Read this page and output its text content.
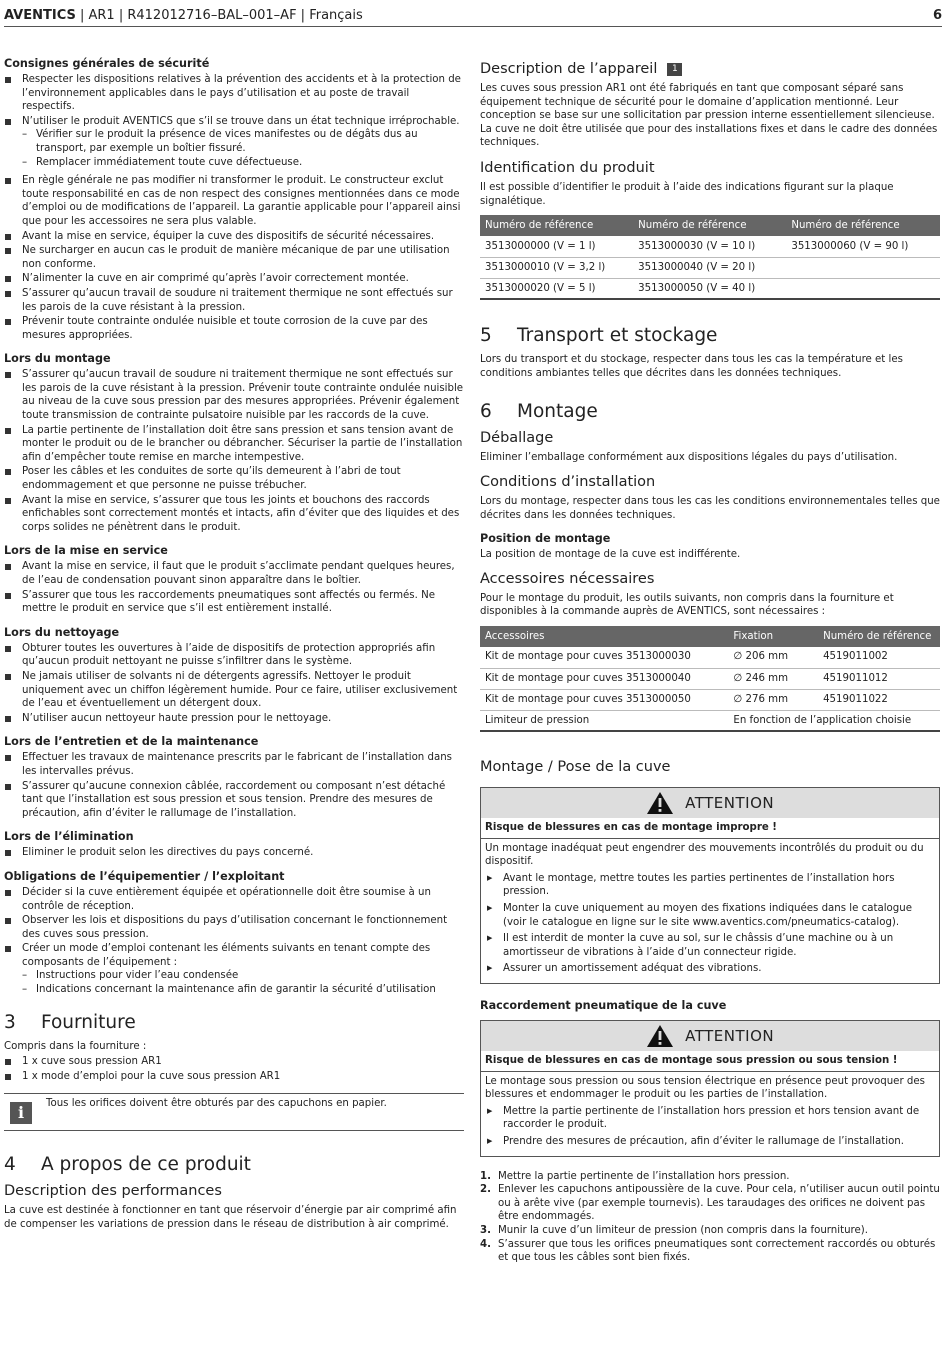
AVENTICS | AR1 | R412012716–BAL–001–AF | Français	6
Consignes générales de sécurité
Respecter les dispositions relatives à la prévention des accidents et à la protection de l’environnement applicables dans le pays d’utilisation et au poste de travail respectifs.
N’utiliser le produit AVENTICS que s’il se trouve dans un état technique irréprochable.
– Vérifier sur le produit la présence de vices manifestes ou de dégâts dus au transport, par exemple un boîtier fissuré.
– Remplacer immédiatement toute cuve défectueuse.
En règle générale ne pas modifier ni transformer le produit. Le constructeur exclut toute responsabilité en cas de non respect des consignes mentionnées dans ce mode d’emploi ou de modifications de l’appareil. La garantie applicable pour l’appareil ainsi que pour les accessoires ne sera plus valable.
Avant la mise en service, équiper la cuve des dispositifs de sécurité nécessaires.
Ne surcharger en aucun cas le produit de manière mécanique de par une utilisation non conforme.
N’alimenter la cuve en air comprimé qu’après l’avoir correctement montée.
S’assurer qu’aucun travail de soudure ni traitement thermique ne sont effectués sur les parois de la cuve résistant à la pression.
Prévenir toute contrainte ondulée nuisible et toute corrosion de la cuve par des mesures appropriées.
Lors du montage
S’assurer qu’aucun travail de soudure ni traitement thermique ne sont effectués sur les parois de la cuve résistant à la pression. Prévenir toute contrainte ondulée nuisible au niveau de la cuve sous pression par des mesures appropriées. Prévenir également toute transmission de contrainte pulsatoire nuisible par les raccords de la cuve.
La partie pertinente de l’installation doit être sans pression et sans tension avant de monter le produit ou de le brancher ou débrancher. Sécuriser la partie de l’installation afin d’empêcher toute remise en marche intempestive.
Poser les câbles et les conduites de sorte qu’ils demeurent à l’abri de tout endommagement et que personne ne puisse trébucher.
Avant la mise en service, s’assurer que tous les joints et bouchons des raccords enfichables sont correctement montés et intacts, afin d’éviter que des liquides et des corps solides ne pénètrent dans le produit.
Lors de la mise en service
Avant la mise en service, il faut que le produit s’acclimate pendant quelques heures, de l’eau de condensation pouvant sinon apparaître dans le boîtier.
S’assurer que tous les raccordements pneumatiques sont affectés ou fermés. Ne mettre le produit en service que s’il est entièrement installé.
Lors du nettoyage
Obturer toutes les ouvertures à l’aide de dispositifs de protection appropriés afin qu’aucun produit nettoyant ne puisse s’infiltrer dans le système.
Ne jamais utiliser de solvants ni de détergents agressifs. Nettoyer le produit uniquement avec un chiffon légèrement humide. Pour ce faire, utiliser exclusivement de l’eau et éventuellement un détergent doux.
N’utiliser aucun nettoyeur haute pression pour le nettoyage.
Lors de l’entretien et de la maintenance
Effectuer les travaux de maintenance prescrits par le fabricant de l’installation dans les intervalles prévus.
S’assurer qu’aucune connexion câblée, raccordement ou composant n’est détaché tant que l’installation est sous pression et sous tension. Prendre des mesures de précaution, afin d’éviter le rallumage de l’installation.
Lors de l’élimination
Eliminer le produit selon les directives du pays concerné.
Obligations de l’équipementier / l’exploitant
Décider si la cuve entièrement équipée et opérationnelle doit être soumise à un contrôle de réception.
Observer les lois et dispositions du pays d’utilisation concernant le fonctionnement des cuves sous pression.
Créer un mode d’emploi contenant les éléments suivants en tenant compte des composants de l’équipement :
– Instructions pour vider l’eau condensée
– Indications concernant la maintenance afin de garantir la sécurité d’utilisation
3 Fourniture

Compris dans la fourniture :

1 x cuve sous pression AR1
1 x mode d’emploi pour la cuve sous pression AR1
i	Tous les orifices doivent être obturés par des capuchons en papier.
4 A propos de ce produit
Description des performances

La cuve est destinée à fonctionner en tant que réservoir d’énergie par air comprimé afin de compenser les variations de pression dans le réseau de distribution à air comprimé.

Description de l’appareil 1

Les cuves sous pression AR1 ont été fabriqués en tant que composant séparé sans équipement technique de sécurité pour le domaine d’application mentionné. Leur conception se base sur une sollicitation par pression interne essentiellement silencieuse.

La cuve ne doit être utilisée que pour des installations fixes et dans le cadre des données techniques.

Identification du produit

Il est possible d’identifier le produit à l’aide des indications figurant sur la plaque signalétique.

Numéro de référence	Numéro de référence	Numéro de référence
3513000000 (V = 1 l)	3513000030 (V = 10 l)	3513000060 (V = 90 l)
3513000010 (V = 3,2 l)	3513000040 (V = 20 l)	
3513000020 (V = 5 l)	3513000050 (V = 40 l)	
5 Transport et stockage

Lors du transport et du stockage, respecter dans tous les cas la température et les conditions ambiantes telles que décrites dans les données techniques.

6 Montage
Déballage

Eliminer l’emballage conformément aux dispositions légales du pays d’utilisation.

Conditions d’installation

Lors du montage, respecter dans tous les cas les conditions environnementales telles que décrites dans les données techniques.

Position de montage

La position de montage de la cuve est indifférente.

Accessoires nécessaires

Pour le montage du produit, les outils suivants, non compris dans la fourniture et disponibles à la commande auprès de AVENTICS, sont nécessaires :

Accessoires	Fixation	Numéro de référence
Kit de montage pour cuves 3513000030	∅ 206 mm	4519011002
Kit de montage pour cuves 3513000040	∅ 246 mm	4519011012
Kit de montage pour cuves 3513000050	∅ 276 mm	4519011022
Limiteur de pression	En fonction de l’application choisie	
Montage / Pose de la cuve
ATTENTION
Risque de blessures en cas de montage impropre !

Un montage inadéquat peut engendrer des mouvements incontrôlés du produit ou du dispositif.

▶ Avant le montage, mettre toutes les parties pertinentes de l’installation hors pression.
▶ Monter la cuve uniquement au moyen des fixations indiquées dans le catalogue (voir le catalogue en ligne sur le site www.aventics.com/pneumatics-catalog).
▶ Il est interdit de monter la cuve au sol, sur le châssis d’une machine ou à un amortisseur de vibrations à l’aide d’un connecteur rigide.
▶ Assurer un amortissement adéquat des vibrations.
Raccordement pneumatique de la cuve
ATTENTION
Risque de blessures en cas de montage sous pression ou sous tension !

Le montage sous pression ou sous tension électrique en présence peut provoquer des blessures et endommager le produit ou les parties de l’installation.

▶ Mettre la partie pertinente de l’installation hors pression et hors tension avant de raccorder le produit.
▶ Prendre des mesures de précaution, afin d’éviter le rallumage de l’installation.
1. Mettre la partie pertinente de l’installation hors pression.
2. Enlever les capuchons antipoussière de la cuve. Pour cela, n’utiliser aucun outil pointu ou à arête vive (par exemple tournevis). Les taraudages des orifices ne doivent pas être endommagés.
3. Munir la cuve d’un limiteur de pression (non compris dans la fourniture).
4. S’assurer que tous les orifices pneumatiques sont correctement raccordés ou obturés et que tous les câbles sont bien fixés.
